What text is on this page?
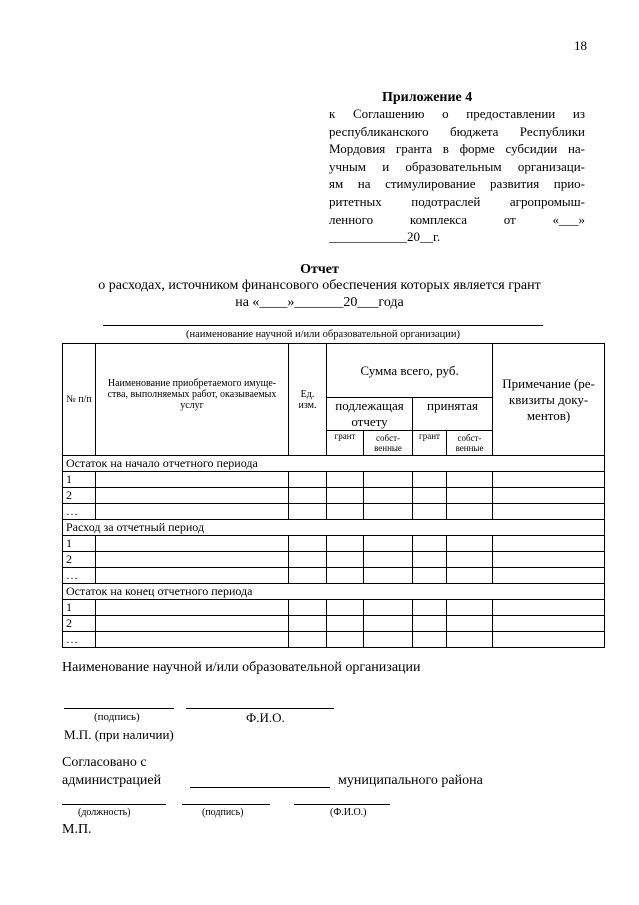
18
Приложение 4
к Соглашению о предоставлении из
республиканского бюджета Республики
Мордовия гранта в форме субсидии на-
учным и образовательным организаци-
ям на стимулирование развития прио-
ритетных подотраслей агропромыш-
ленного комплекса от «___»
____________20__г.
Отчет
о расходах, источником финансового обеспечения которых является грант
на «____»_______20___года
(наименование научной и/или образовательной организации)
№ п/п	Наименование приобретаемого имуще-ства, выполняемых работ, оказываемых услуг	Ед. изм.	Сумма всего, руб.				Примечание (ре-квизиты доку-ментов)
			подлежащая отчету		принятая		
			грант	собст-венные	грант	собст-венные	

Остаток на начало отчетного периода							
1							
2							
…							
Расход за отчетный период							
1							
2							
…							
Остаток на конец отчетного периода							
1							
2							
…							
Наименование научной и/или образовательной организации
(подпись)	Ф.И.О.
М.П. (при наличии)
Согласовано с
администрацией	муниципального района
(должность)	(подпись)	(Ф.И.О.)
М.П.
